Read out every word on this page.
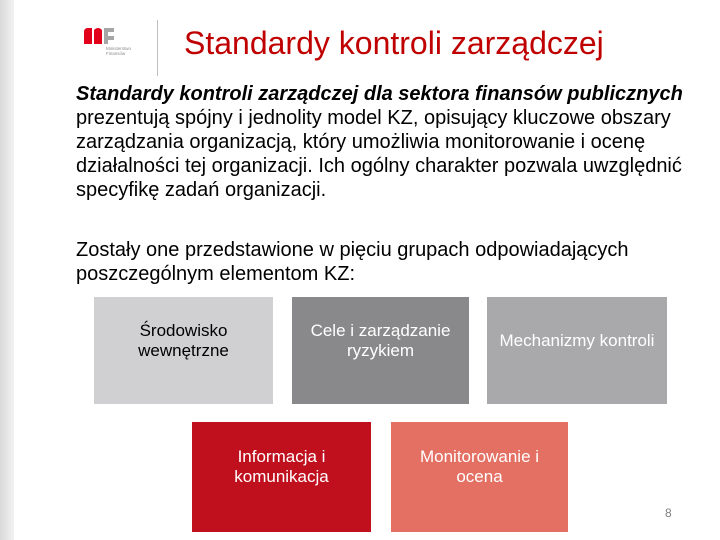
Ministerstwo
Finansów Standardy kontroli zarządczej
Standardy kontroli zarządczej dla sektora finansów publicznych prezentują spójny i jednolity model KZ, opisujący kluczowe obszary zarządzania organizacją, który umożliwia monitorowanie i ocenę działalności tej organizacji. Ich ogólny charakter pozwala uwzględnić specyfikę zadań organizacji.
Zostały one przedstawione w pięciu grupach odpowiadających poszczególnym elementom KZ:
Środowisko wewnętrzne
Cele i zarządzanie ryzykiem
Mechanizmy kontroli
Informacja i komunikacja
Monitorowanie i ocena
8
